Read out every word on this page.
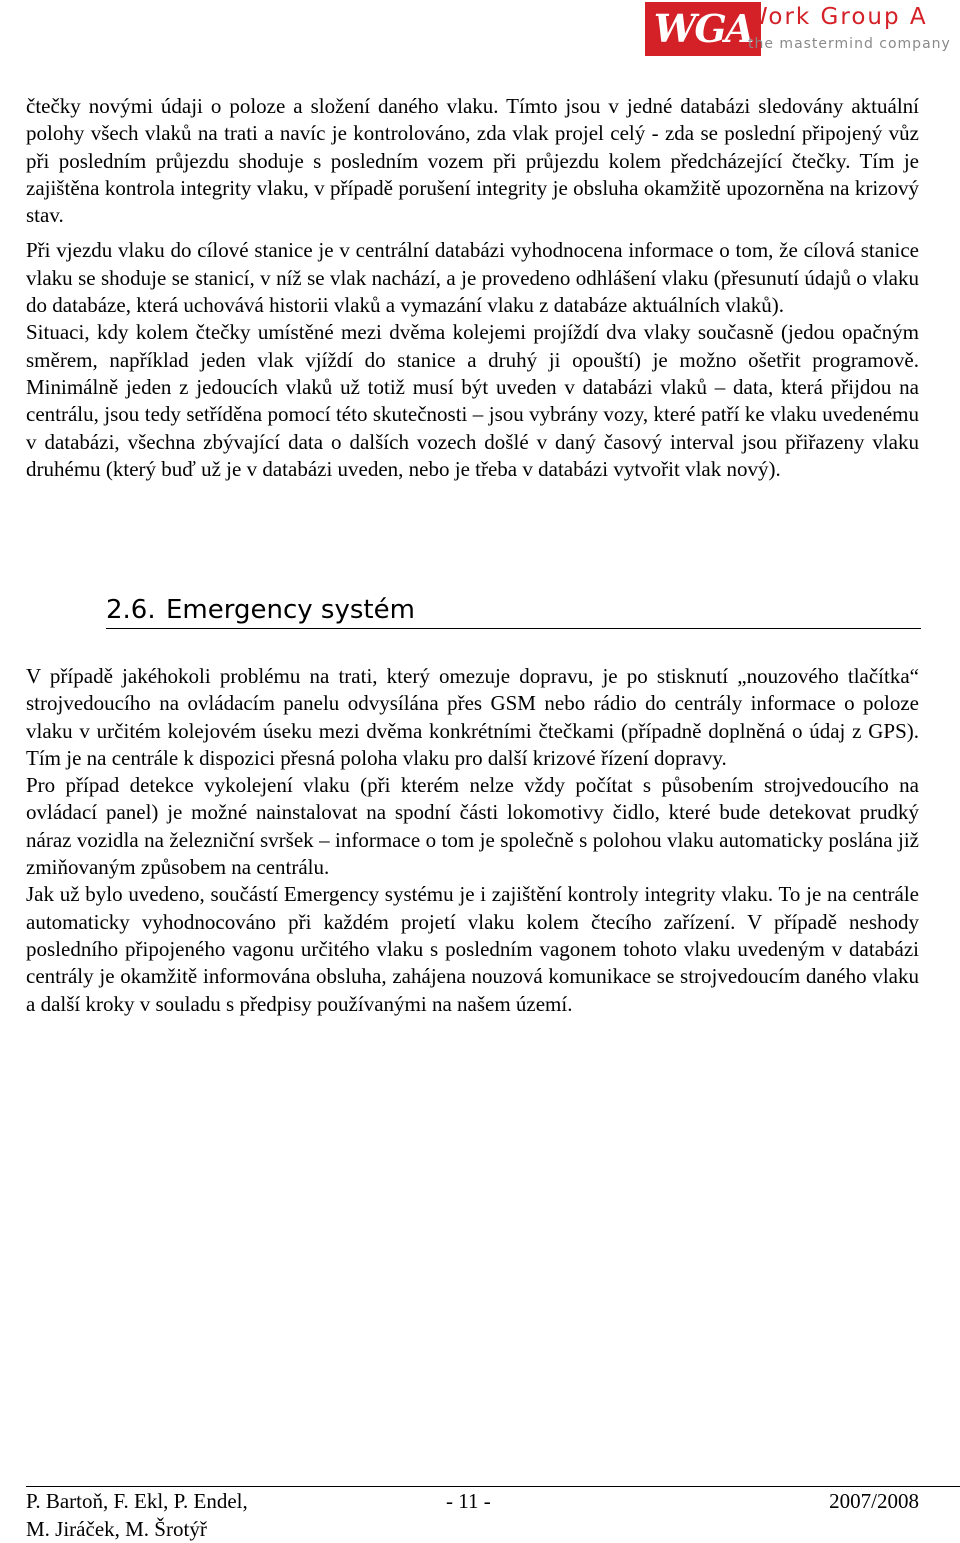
WGA
Work Group A
the mastermind company

čtečky novými údaji o poloze a složení daného vlaku. Tímto jsou v jedné databázi sledovány aktuální polohy všech vlaků na trati a navíc je kontrolováno, zda vlak projel celý - zda se poslední připojený vůz při posledním průjezdu shoduje s posledním vozem při průjezdu kolem předcházející čtečky. Tím je zajištěna kontrola integrity vlaku, v případě porušení integrity je obsluha okamžitě upozorněna na krizový stav.

Při vjezdu vlaku do cílové stanice je v centrální databázi vyhodnocena informace o tom, že cílová stanice vlaku se shoduje se stanicí, v níž se vlak nachází, a je provedeno odhlášení vlaku (přesunutí údajů o vlaku do databáze, která uchovává historii vlaků a vymazání vlaku z databáze aktuálních vlaků).

Situaci, kdy kolem čtečky umístěné mezi dvěma kolejemi projíždí dva vlaky současně (jedou opačným směrem, například jeden vlak vjíždí do stanice a druhý ji opouští) je možno ošetřit programově. Minimálně jeden z jedoucích vlaků už totiž musí být uveden v databázi vlaků – data, která přijdou na centrálu, jsou tedy setříděna pomocí této skutečnosti – jsou vybrány vozy, které patří ke vlaku uvedenému v databázi, všechna zbývající data o dalších vozech došlé v daný časový interval jsou přiřazeny vlaku druhému (který buď už je v databázi uveden, nebo je třeba v databázi vytvořit vlak nový).

2.6. Emergency systém

V případě jakéhokoli problému na trati, který omezuje dopravu, je po stisknutí „nouzového tlačítka“ strojvedoucího na ovládacím panelu odvysílána přes GSM nebo rádio do centrály informace o poloze vlaku v určitém kolejovém úseku mezi dvěma konkrétními čtečkami (případně doplněná o údaj z GPS). Tím je na centrále k dispozici přesná poloha vlaku pro další krizové řízení dopravy.

Pro případ detekce vykolejení vlaku (při kterém nelze vždy počítat s působením strojvedoucího na ovládací panel) je možné nainstalovat na spodní části lokomotivy čidlo, které bude detekovat prudký náraz vozidla na železniční svršek – informace o tom je společně s polohou vlaku automaticky poslána již zmiňovaným způsobem na centrálu.

Jak už bylo uvedeno, součástí Emergency systému je i zajištění kontroly integrity vlaku. To je na centrále automaticky vyhodnocováno při každém projetí vlaku kolem čtecího zařízení. V případě neshody posledního připojeného vagonu určitého vlaku s posledním vagonem tohoto vlaku uvedeným v databázi centrály je okamžitě informována obsluha, zahájena nouzová komunikace se strojvedoucím daného vlaku a další kroky v souladu s předpisy používanými na našem území.

P. Bartoň, F. Ekl, P. Endel,
M. Jiráček, M. Šrotýř
- 11 -	2007/2008
